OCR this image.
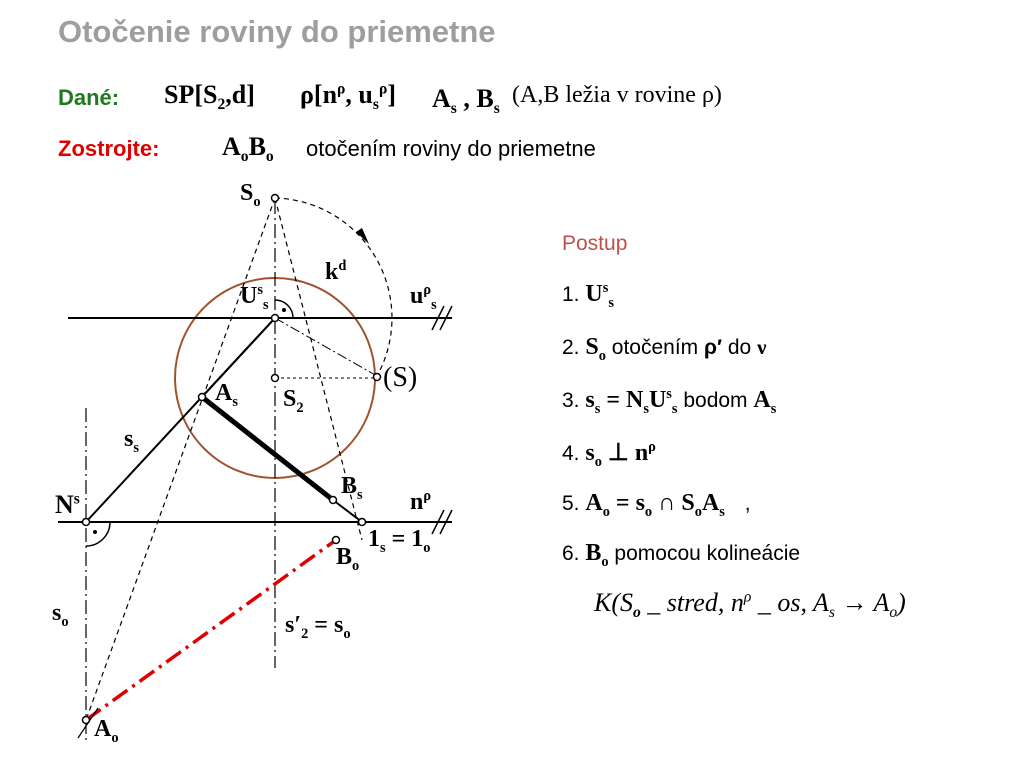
Otočenie roviny do priemetne
Dané: $SP[S_2,d]$ $\rho[n^\rho$, $u_s^\rho$] $A_s$ , $B_s$
(A,B ležia v rovine ρ)
Zostrojte: $A_oB_o$ otočením roviny do priemetne
$S_o$
$k^d$
$U^s_s$	$u^\rho_s$
(S)
$A_s$ $S_2$
$s_s$
$B_s$
$N^s$	$n^\rho$
$1_s = 1_o$
$B_o$
$s_o$	$s'_2 = s_o$
$A_o$
Postup
1. $U^s_s$
2. $S_o$ otočením ρ′ do ν
3. $s_s = N_sU^s_s$ bodom $A_s$
4. $s_o$ ⊥ $n^\rho$
5. $A_o = s_o$ ∩ $S_oA_s$ ,
6. $B_o$ pomocou kolineácie
$K(S_o$ _ stred, $n^\rho$ _ os, $A_s \to A_o$)
